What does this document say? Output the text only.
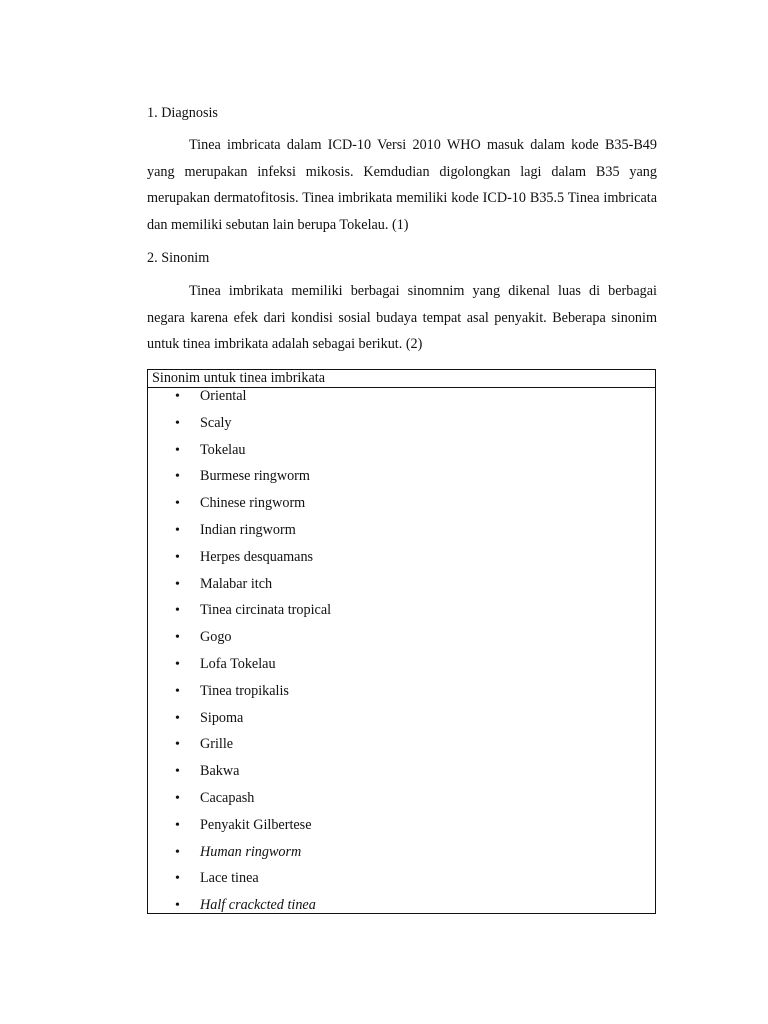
1. Diagnosis

Tinea imbricata dalam ICD-10 Versi 2010 WHO masuk dalam kode B35-B49 yang merupakan infeksi mikosis. Kemdudian digolongkan lagi dalam B35 yang merupakan dermatofitosis. Tinea imbrikata memiliki kode ICD-10 B35.5 Tinea imbricata dan memiliki sebutan lain berupa Tokelau. (1)

2. Sinonim

Tinea imbrikata memiliki berbagai sinomnim yang dikenal luas di berbagai negara karena efek dari kondisi sosial budaya tempat asal penyakit. Beberapa sinonim untuk tinea imbrikata adalah sebagai berikut. (2)

Sinonim untuk tinea imbrikata
• Oriental
• Scaly
• Tokelau
• Burmese ringworm
• Chinese ringworm
• Indian ringworm
• Herpes desquamans
• Malabar itch
• Tinea circinata tropical
• Gogo
• Lofa Tokelau
• Tinea tropikalis
• Sipoma
• Grille
• Bakwa
• Cacapash
• Penyakit Gilbertese
• Human ringworm
• Lace tinea
• Half crackcted tinea
